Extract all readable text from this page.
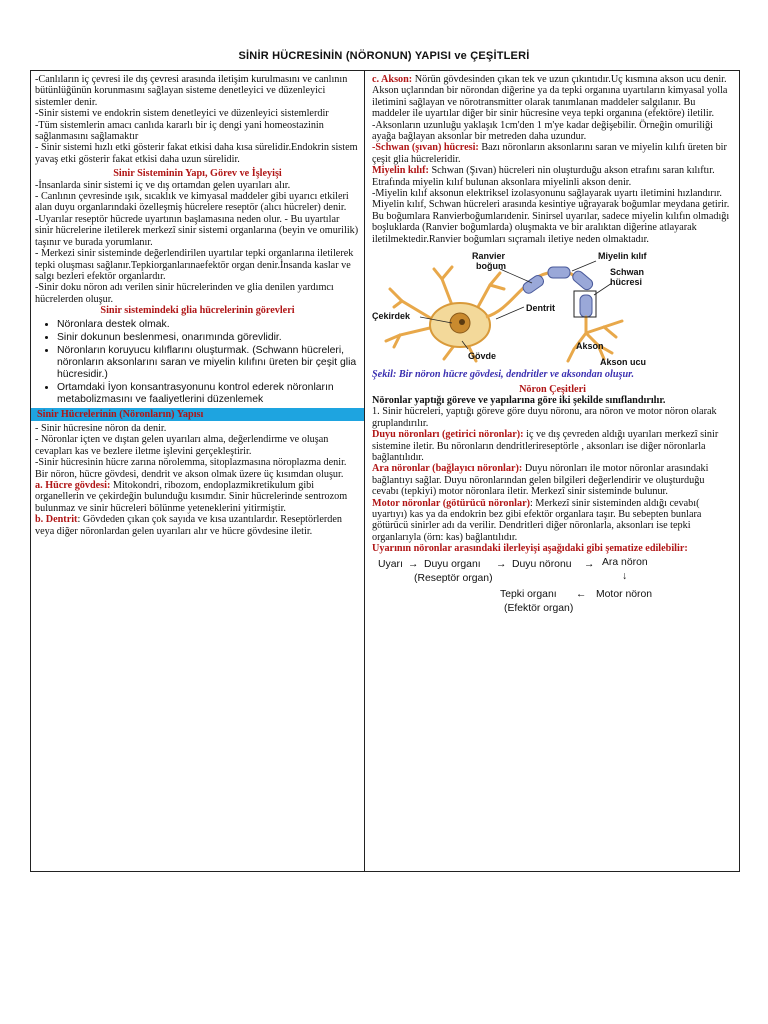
SİNİR HÜCRESİNİN (NÖRONUN) YAPISI ve ÇEŞİTLERİ

-Canlıların iç çevresi ile dış çevresi arasında iletişim kurulmasını ve canlının bütünlüğünün korunmasını sağlayan sisteme denetleyici ve düzenleyici sistemler denir.

-Sinir sistemi ve endokrin sistem denetleyici ve düzenleyici sistemlerdir

-Tüm sistemlerin amacı canlıda kararlı bir iç dengi yani homeostazinin sağlanmasını sağlamaktır

- Sinir sistemi hızlı etki gösterir fakat etkisi daha kısa sürelidir.Endokrin sistem yavaş etki gösterir fakat etkisi daha uzun sürelidir.

Sinir Sisteminin Yapı, Görev ve İşleyişi

-İnsanlarda sinir sistemi iç ve dış ortamdan gelen uyarıları alır.

- Canlının çevresinde ışık, sıcaklık ve kimyasal maddeler gibi uyarıcı etkileri alan duyu organlarındaki özelleşmiş hücrelere reseptör (alıcı hücreler) denir.

-Uyarılar reseptör hücrede uyartının başlamasına neden olur. - Bu uyartılar sinir hücrelerine iletilerek merkezî sinir sistemi organlarına (beyin ve omurilik) taşınır ve burada yorumlanır.

- Merkezi sinir sisteminde değerlendirilen uyartılar tepki organlarına iletilerek tepki oluşması sağlanır.Tepkiorganlarınaefektör organ denir.İnsanda kaslar ve salgı bezleri efektör organlardır.

-Sinir doku nöron adı verilen sinir hücrelerinden ve glia denilen yardımcı hücrelerden oluşur.

Sinir sistemindeki glia hücrelerinin görevleri

• Nöronlara destek olmak.
• Sinir dokunun beslenmesi, onarımında görevlidir.
• Nöronların koruyucu kılıflarını oluşturmak. (Schwann hücreleri, nöronların aksonlarını saran ve miyelin kılıfını üreten bir çeşit glia hücresidir.)
• Ortamdaki İyon konsantrasyonunu kontrol ederek nöronların metabolizmasını ve faaliyetlerini düzenlemek
Sinir Hücrelerinin (Nöronların) Yapısı

- Sinir hücresine nöron da denir.

- Nöronlar içten ve dıştan gelen uyarıları alma, değerlendirme ve oluşan cevapları kas ve bezlere iletme işlevini gerçekleştirir.

-Sinir hücresinin hücre zarına nörolemma, sitoplazmasına nöroplazma denir. Bir nöron, hücre gövdesi, dendrit ve akson olmak üzere üç kısımdan oluşur.

a. Hücre gövdesi: Mitokondri, ribozom, endoplazmikretikulum gibi organellerin ve çekirdeğin bulunduğu kısımdır. Sinir hücrelerinde sentrozom bulunmaz ve sinir hücreleri bölünme yeteneklerini yitirmiştir.

b. Dentrit: Gövdeden çıkan çok sayıda ve kısa uzantılardır. Reseptörlerden veya diğer nöronlardan gelen uyarıları alır ve hücre gövdesine iletir.

c. Akson: Nörün gövdesinden çıkan tek ve uzun çıkıntıdır.Uç kısmına akson ucu denir.

Akson uçlarından bir nörondan diğerine ya da tepki organına uyartıların kimyasal yolla iletimini sağlayan ve nörotransmitter olarak tanımlanan maddeler salgılanır. Bu maddeler ile uyartılar diğer bir sinir hücresine veya tepki organına (efektöre) iletilir.

-Aksonların uzunluğu yaklaşık 1cm'den 1 m'ye kadar değişebilir. Örneğin omuriliği ayağa bağlayan aksonlar bir metreden daha uzundur.

-Schwan (şıvan) hücresi: Bazı nöronların aksonlarını saran ve miyelin kılıfı üreten bir çeşit glia hücreleridir.

Miyelin kılıf: Schwan (Şıvan) hücreleri nin oluşturduğu akson etrafını saran kılıftır. Etrafında miyelin kılıf bulunan aksonlara miyelinli akson denir.

-Miyelin kılıf aksonun elektriksel izolasyonunu sağlayarak uyartı iletimini hızlandırır.

Miyelin kılıf, Schwan hücreleri arasında kesintiye uğrayarak boğumlar meydana getirir. Bu boğumlara Ranvierboğumlarıdenir. Sinirsel uyarılar, sadece miyelin kılıfın olmadığı boşluklarda (Ranvier boğumlarda) oluşmakta ve bir aralıktan diğerine atlayarak iletilmektedir.Ranvier boğumları sıçramalı iletiye neden olmaktadır.

Ranvier
boğum
Miyelin kılıf
Schwan
hücresi
Dentrit
Çekirdek
Gövde
Akson
Akson ucu

Şekil: Bir nöron hücre gövdesi, dendritler ve aksondan oluşur.

Nöron Çeşitleri

Nöronlar yaptığı göreve ve yapılarına göre iki şekilde sınıflandırılır.

1. Sinir hücreleri, yaptığı göreve göre duyu nöronu, ara nöron ve motor nöron olarak gruplandırılır.

Duyu nöronları (getirici nöronlar): iç ve dış çevreden aldığı uyarıları merkezî sinir sistemine iletir. Bu nöronların dendritlerireseptörle , aksonları ise diğer nöronlarla bağlantılıdır.

Ara nöronlar (bağlayıcı nöronlar): Duyu nöronları ile motor nöronlar arasındaki bağlantıyı sağlar. Duyu nöronlarından gelen bilgileri değerlendirir ve oluşturduğu cevabı (tepkiyi) motor nöronlara iletir. Merkezî sinir sisteminde bulunur.

Motor nöronlar (götürücü nöronlar): Merkezî sinir sisteminden aldığı cevabı( uyartıyı) kas ya da endokrin bez gibi efektör organlara taşır. Bu sebepten bunlara götürücü sinirler adı da verilir. Dendritleri diğer nöronlarla, aksonları ise tepki organlarıyla (örn: kas) bağlantılıdır.

Uyarının nöronlar arasındaki ilerleyişi aşağıdaki gibi şematize edilebilir:

Uyarı → Duyu organı
(Reseptör organ)
→ Duyu nöronu → Ara nöron
↓
Tepki organı
(Efektör organ)
← Motor nöron
